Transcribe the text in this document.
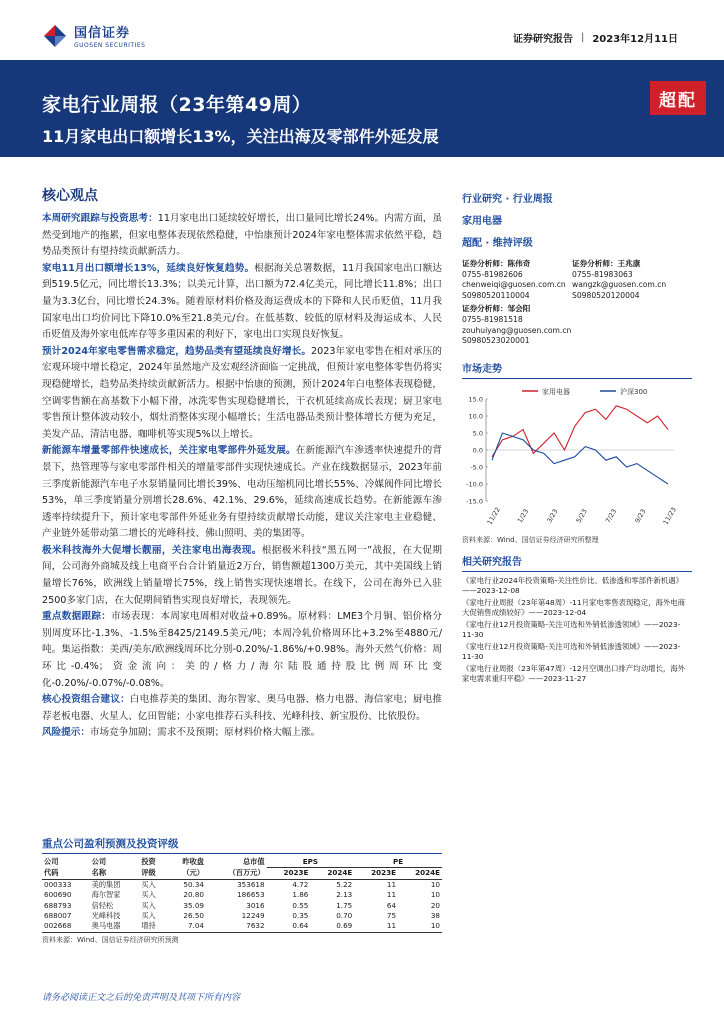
国信证券
GUOSEN SECURITIES
证券研究报告 | 2023年12月11日
家电行业周报（23年第49周）
11月家电出口额增长13%，关注出海及零部件外延发展
超配
核心观点
本周研究跟踪与投资思考：11月家电出口延续较好增长，出口量同比增长24%。内需方面，虽然受到地产的拖累，但家电整体表现依然稳健，中怡康预计2024年家电整体需求依然平稳，趋势品类预计有望持续贡献新活力。
家电11月出口额增长13%，延续良好恢复趋势。根据海关总署数据，11月我国家电出口额达到519.5亿元，同比增长13.3%；以美元计算，出口额为72.4亿美元，同比增长11.8%；出口量为3.3亿台，同比增长24.3%。随着原材料价格及海运费成本的下降和人民币贬值，11月我国家电出口均价同比下降10.0%至21.8美元/台。在低基数、较低的原材料及海运成本、人民币贬值及海外家电低库存等多重因素的利好下，家电出口实现良好恢复。
预计2024年家电零售需求稳定，趋势品类有望延续良好增长。2023年家电零售在相对承压的宏观环境中增长稳定，2024年虽然地产及宏观经济面临一定挑战，但预计家电整体零售仍将实现稳健增长，趋势品类持续贡献新活力。根据中怡康的预测，预计2024年白电整体表现稳健，空调零售额在高基数下小幅下滑，冰洗零售实现稳健增长，干衣机延续高成长表现；厨卫家电零售预计整体波动较小，烟灶消整体实现小幅增长；生活电器品类预计整体增长方便为充足，美发产品、清洁电器、咖啡机等实现5%以上增长。
新能源车增量零部件快速成长，关注家电零部件外延发展。在新能源汽车渗透率快速提升的背景下，热管理等与家电零部件相关的增量零部件实现快速成长。产业在线数据显示，2023年前三季度新能源汽车电子水泵销量同比增长39%、电动压缩机同比增长55%、冷媒阀件同比增长53%，单三季度销量分别增长28.6%、42.1%、29.6%，延续高速成长趋势。在新能源车渗透率持续提升下，预计家电零部件外延业务有望持续贡献增长动能，建议关注家电主业稳健、产业链外延带动第二增长的光峰科技、佛山照明、美的集团等。
极米科技海外大促增长靓丽，关注家电出海表现。根据极米科技“黑五网一”战报，在大促期间，公司海外商城及线上电商平台合计销量近2万台，销售额超1300万美元，其中美国线上销量增长76%，欧洲线上销量增长75%，线上销售实现快速增长。在线下，公司在海外已入驻2500多家门店，在大促期间销售实现良好增长，表现领先。
重点数据跟踪：市场表现：本周家电周相对收益+0.89%。原材料：LME3个月铜、铝价格分别周度环比-1.3%、-1.5%至8425/2149.5美元/吨；本周冷轧价格周环比+3.2%至4880元/吨。集运指数：美西/美东/欧洲线周环比分别-0.20%/-1.86%/+0.98%。海外天然气价格：周环比-0.4%；资金流向：美的/格力/海尔陆股通持股比例周环比变化-0.20%/-0.07%/-0.08%。
核心投资组合建议：白电推荐美的集团、海尔智家、奥马电器、格力电器、海信家电；厨电推荐老板电器、火星人、亿田智能；小家电推荐石头科技、光峰科技、新宝股份、比依股份。
风险提示：市场竞争加剧；需求不及预期；原材料价格大幅上涨。
行业研究 · 行业周报
家用电器
超配 · 维持评级
证券分析师：陈伟奇
0755-81982606
chenweiqi@guosen.com.cn
S0980520110004
证券分析师：王兆康
0755-81983063
wangzk@guosen.com.cn
S0980520120004
证券分析师：邹会阳
0755-81981518
zouhuiyang@guosen.com.cn
S0980523020001
市场走势
家用电器	沪深300
15.0
10.0
5.0
0.0
-5.0
-10.0
-15.0
11/22 1/23 3/23 5/23 7/23 9/23 11/23
资料来源：Wind、国信证券经济研究所整理
相关研究报告
《家电行业2024年投资策略-关注性价比、低渗透和零部件新机遇》——2023-12-08
《家电行业周报（23年第48周）-11月家电零售表现稳定，海外电商大促销售成绩较好》——2023-12-04
《家电行业12月投资策略-关注可选和外销低渗透领域》——2023-11-30
《家电行业12月投资策略-关注可选和外销低渗透领域》——2023-11-30
《家电行业周报（23年第47周）-12月空调出口排产均动增长，海外家电需求重归平稳》——2023-11-27
重点公司盈利预测及投资评级
公司	公司	投资	昨收盘	总市值	EPS		PE	
代码	名称	评级	（元）	（百万元）	2023E	2024E	2023E	2024E
000333	美的集团	买入	50.34	353618	4.72	5.22	11	10
600690	海尔智家	买入	20.80	186653	1.86	2.13	11	10
688793	倍轻松	买入	35.09	3016	0.55	1.75	64	20
688007	光峰科技	买入	26.50	12249	0.35	0.70	75	38
002668	奥马电器	增持	7.04	7632	0.64	0.69	11	10
资料来源：Wind、国信证券经济研究所预测
请务必阅读正文之后的免责声明及其项下所有内容
